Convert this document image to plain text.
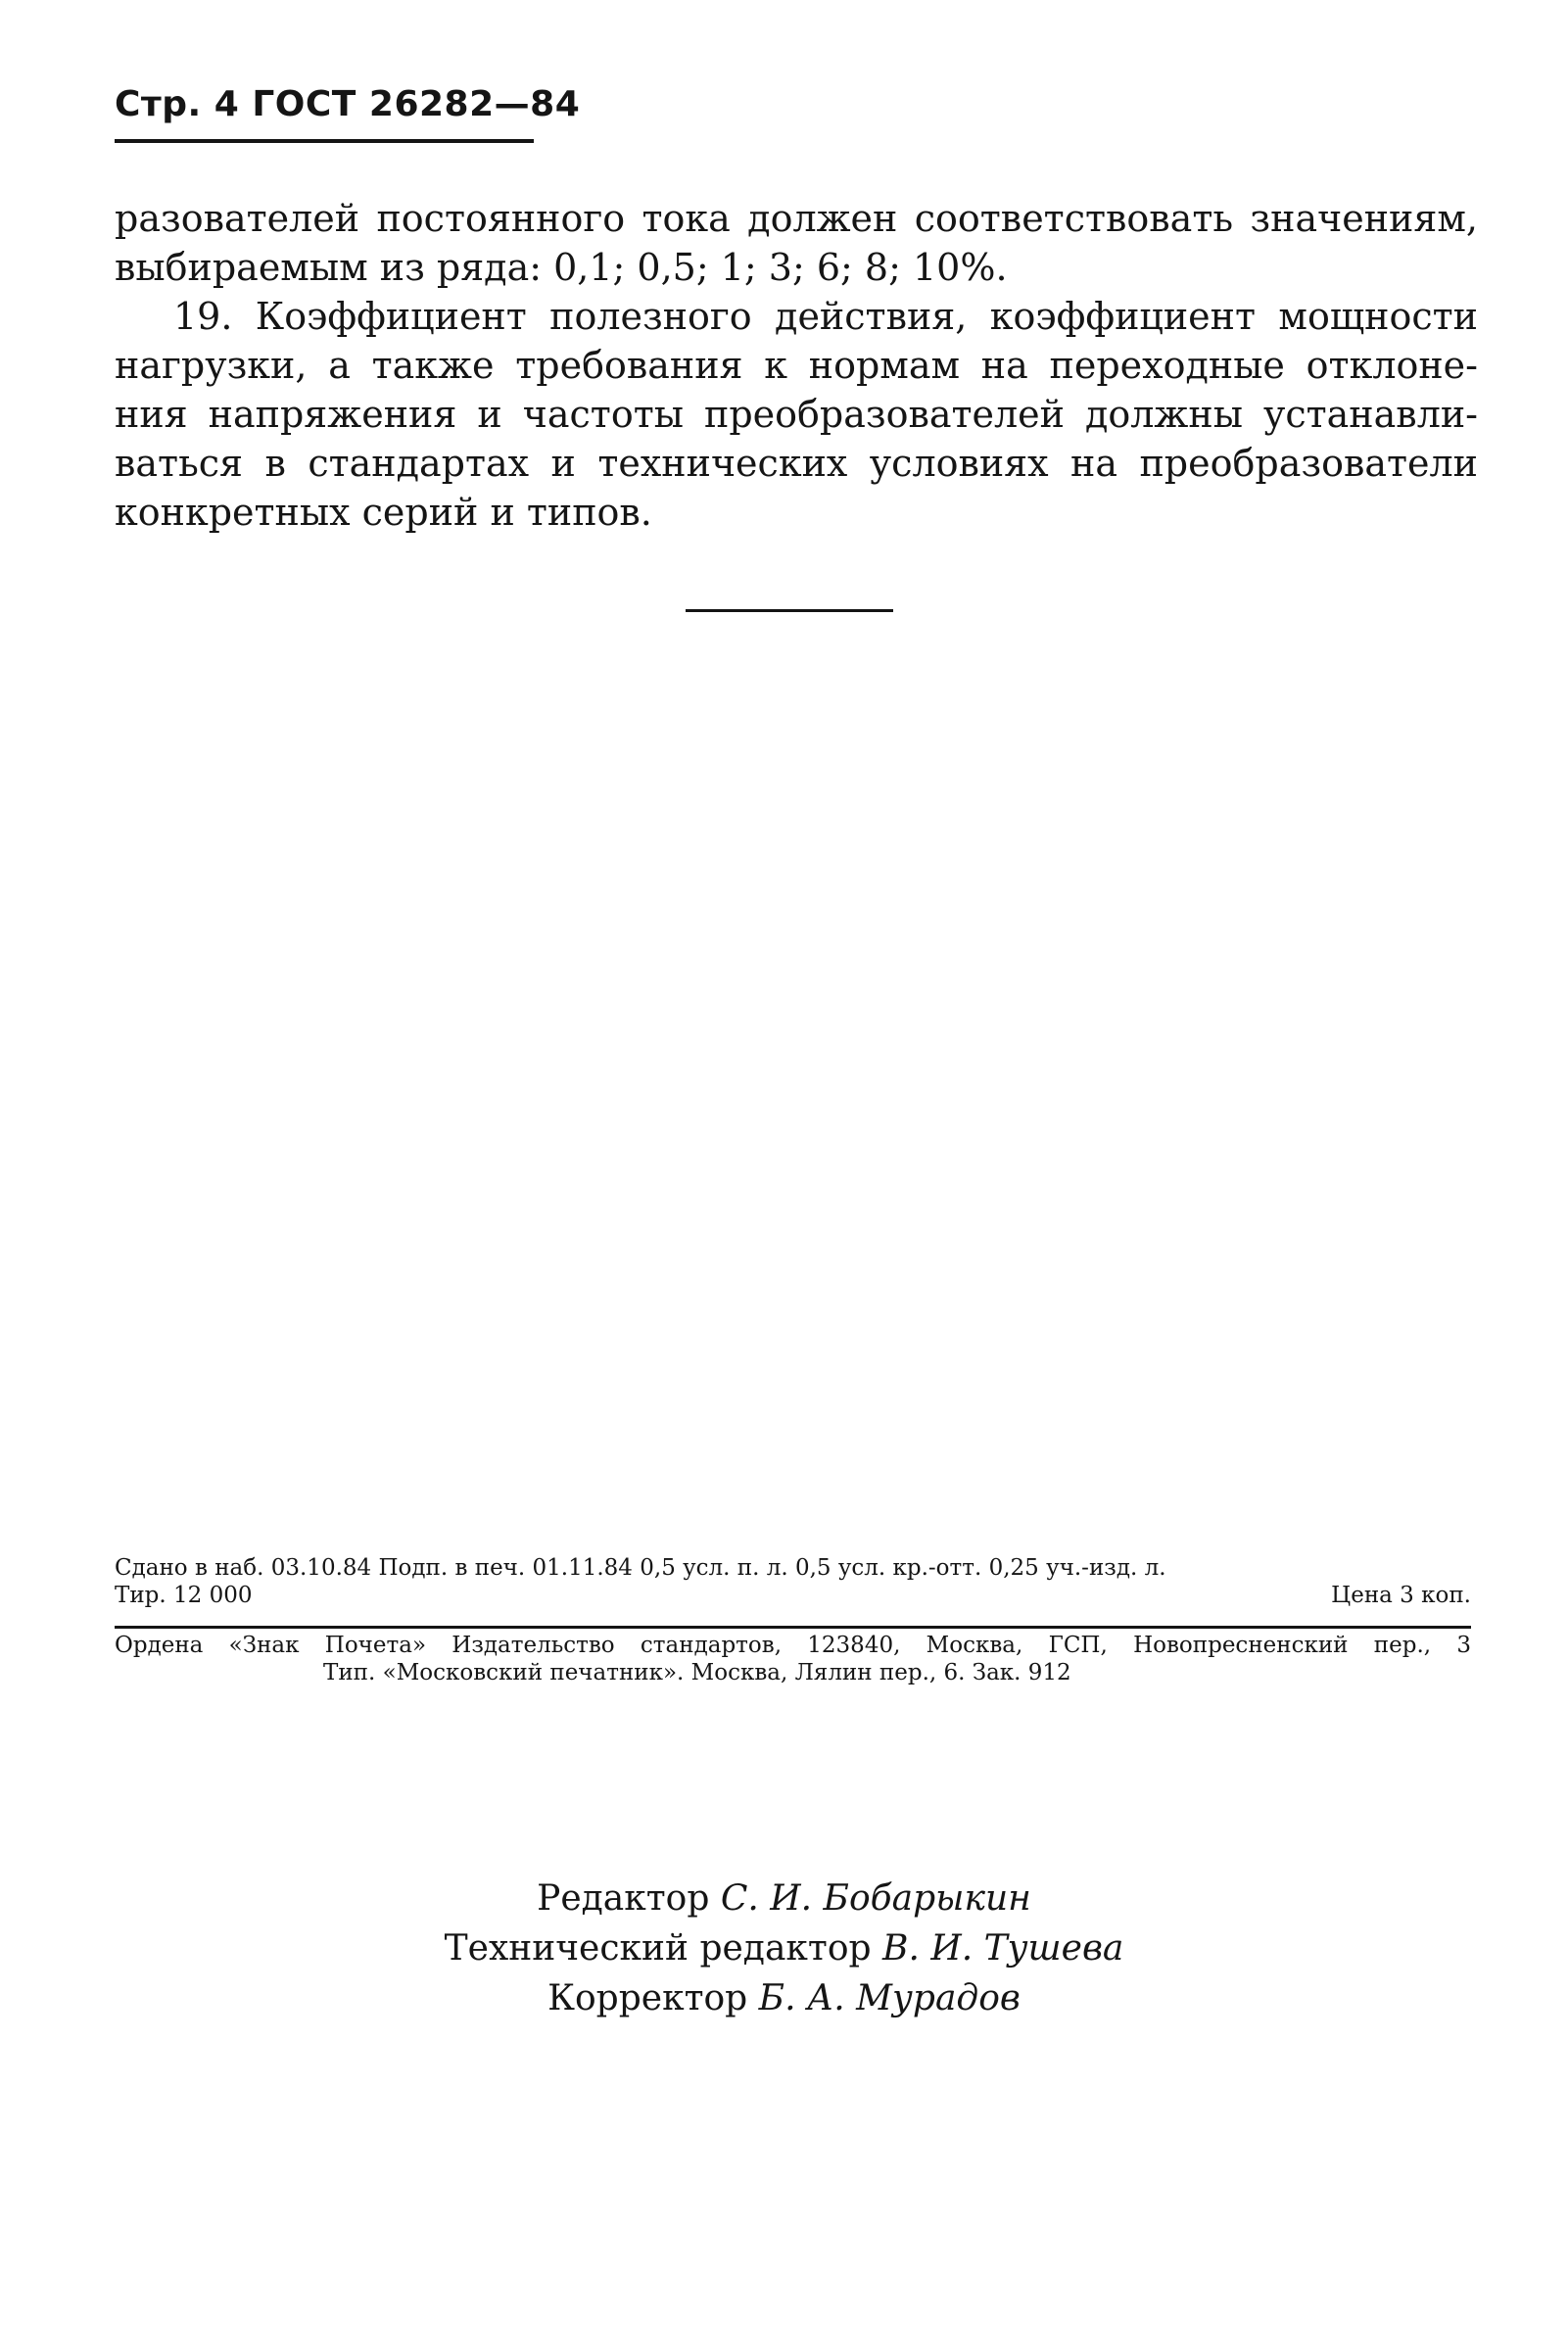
Стр. 4 ГОСТ 26282—84
разователей постоянного тока должен соответствовать значениям,
выбираемым из ряда: 0,1; 0,5; 1; 3; 6; 8; 10%.
19. Коэффициент полезного действия, коэффициент мощности
нагрузки, а также требования к нормам на переходные отклоне-
ния напряжения и частоты преобразователей должны устанавли-
ваться в стандартах и технических условиях на преобразователи
конкретных серий и типов.
Редактор С. И. Бобарыкин
Технический редактор В. И. Тушева
Корректор Б. А. Мурадов
Сдано в наб. 03.10.84 Подп. в печ. 01.11.84 0,5 усл. п. л. 0,5 усл. кр.-отт. 0,25 уч.-изд. л.
Тир. 12 000	Цена 3 коп.
Ордена «Знак Почета» Издательство стандартов, 123840, Москва, ГСП, Новопресненский пер., 3
Тип. «Московский печатник». Москва, Лялин пер., 6. Зак. 912
